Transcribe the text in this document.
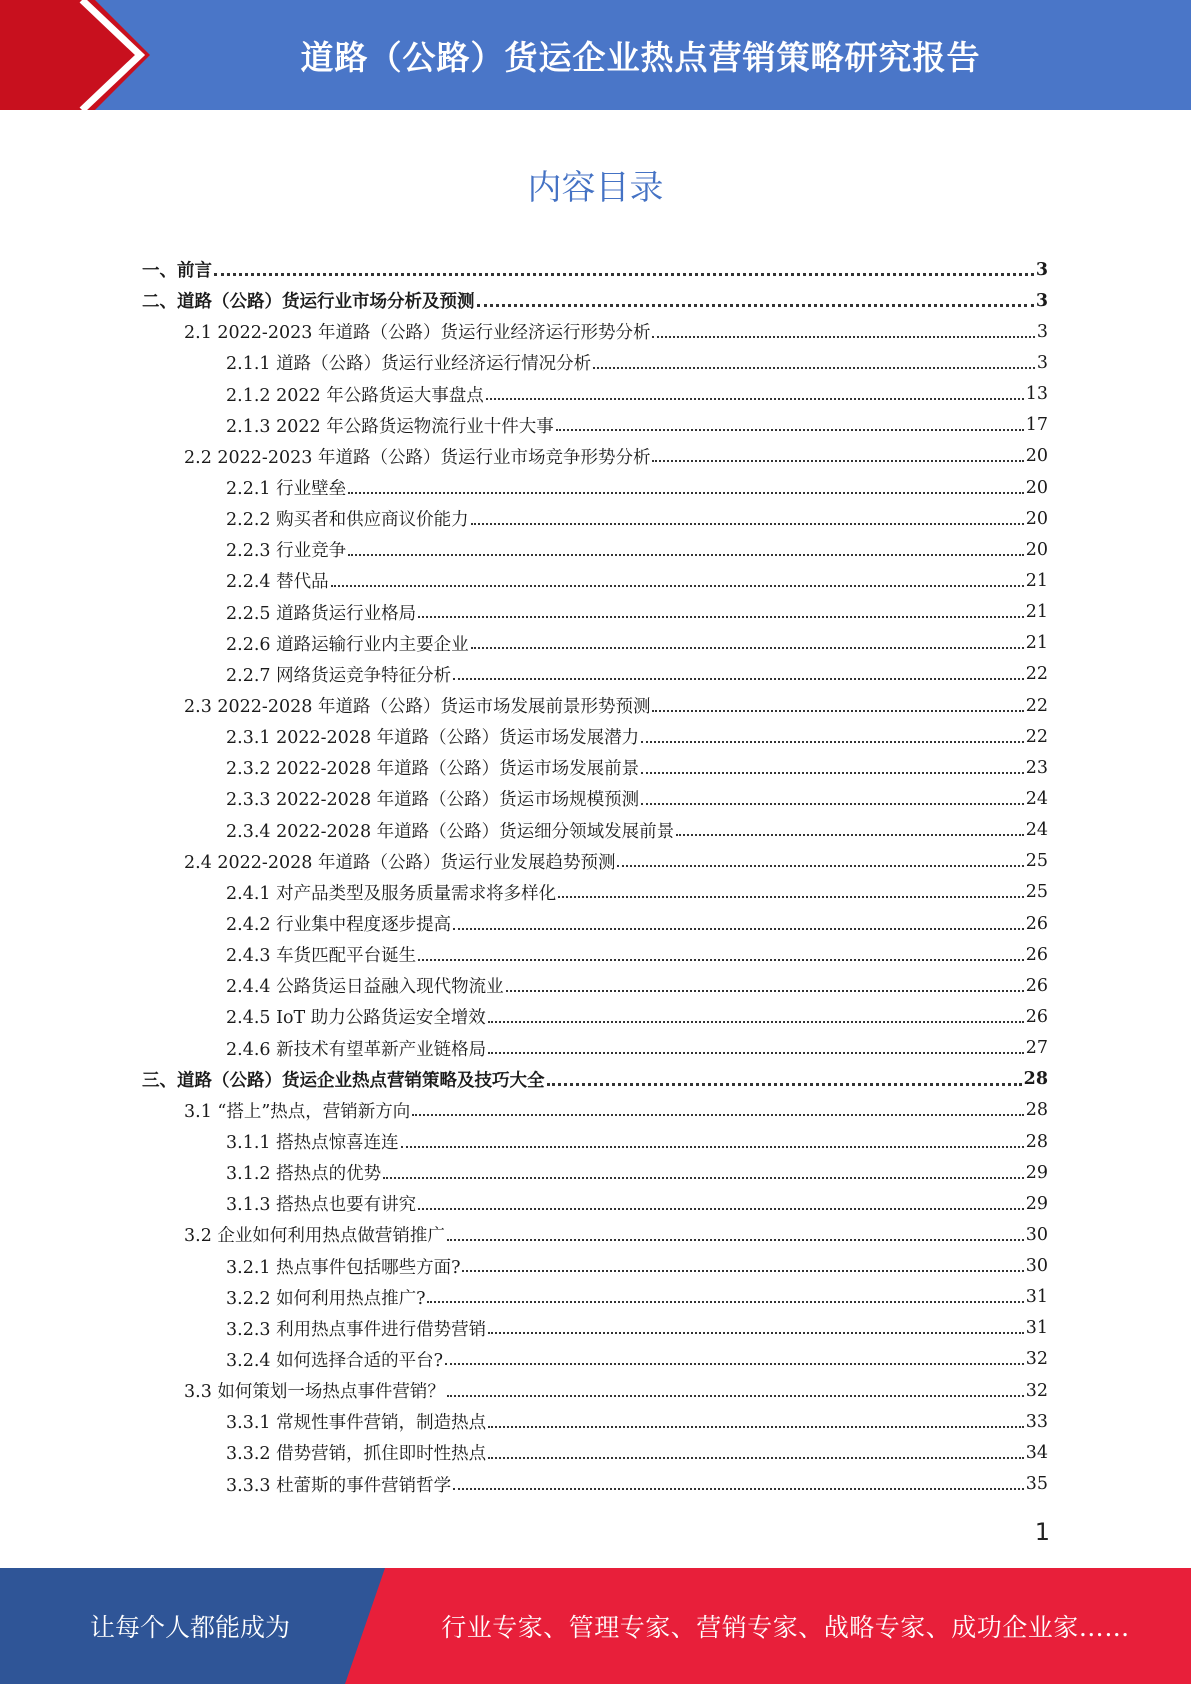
道路（公路）货运企业热点营销策略研究报告
内容目录
一、前言	3
二、道路（公路）货运行业市场分析及预测	3
2.1 2022-2023 年道路（公路）货运行业经济运行形势分析	3
2.1.1 道路（公路）货运行业经济运行情况分析	3
2.1.2 2022 年公路货运大事盘点	13
2.1.3 2022 年公路货运物流行业十件大事	17
2.2 2022-2023 年道路（公路）货运行业市场竞争形势分析	20
2.2.1 行业壁垒	20
2.2.2 购买者和供应商议价能力	20
2.2.3 行业竞争	20
2.2.4 替代品	21
2.2.5 道路货运行业格局	21
2.2.6 道路运输行业内主要企业	21
2.2.7 网络货运竞争特征分析	22
2.3 2022-2028 年道路（公路）货运市场发展前景形势预测	22
2.3.1 2022-2028 年道路（公路）货运市场发展潜力	22
2.3.2 2022-2028 年道路（公路）货运市场发展前景	23
2.3.3 2022-2028 年道路（公路）货运市场规模预测	24
2.3.4 2022-2028 年道路（公路）货运细分领域发展前景	24
2.4 2022-2028 年道路（公路）货运行业发展趋势预测	25
2.4.1 对产品类型及服务质量需求将多样化	25
2.4.2 行业集中程度逐步提高	26
2.4.3 车货匹配平台诞生	26
2.4.4 公路货运日益融入现代物流业	26
2.4.5 IoT 助力公路货运安全增效	26
2.4.6 新技术有望革新产业链格局	27
三、道路（公路）货运企业热点营销策略及技巧大全	28
3.1 “搭上”热点，营销新方向	28
3.1.1 搭热点惊喜连连	28
3.1.2 搭热点的优势	29
3.1.3 搭热点也要有讲究	29
3.2 企业如何利用热点做营销推广	30
3.2.1 热点事件包括哪些方面?	30
3.2.2 如何利用热点推广?	31
3.2.3 利用热点事件进行借势营销	31
3.2.4 如何选择合适的平台?	32
3.3 如何策划一场热点事件营销？	32
3.3.1 常规性事件营销，制造热点	33
3.3.2 借势营销，抓住即时性热点	34
3.3.3 杜蕾斯的事件营销哲学	35
1
让每个人都能成为	行业专家、管理专家、营销专家、战略专家、成功企业家……
